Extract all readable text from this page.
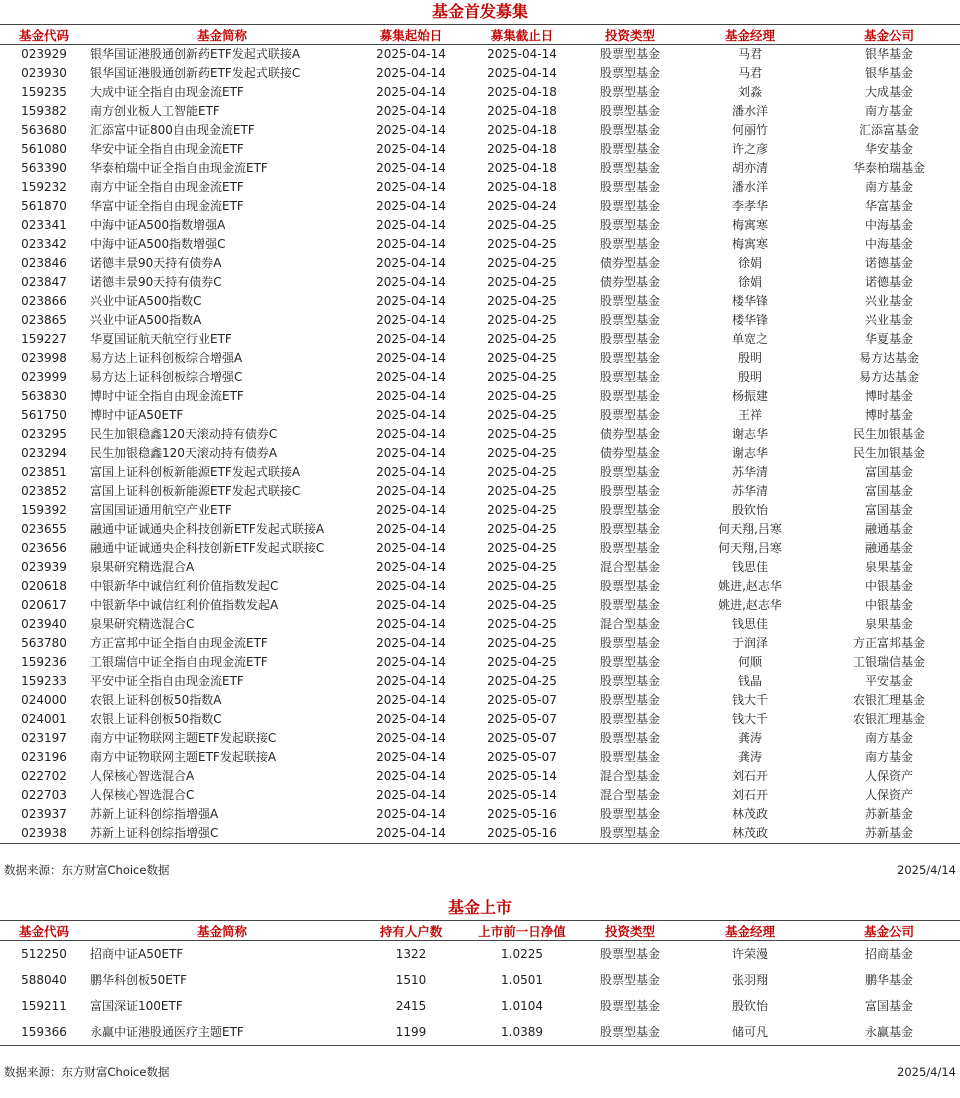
基金首发募集
基金代码	基金简称	募集起始日	募集截止日	投资类型	基金经理	基金公司
023929	银华国证港股通创新药ETF发起式联接A	2025-04-14	2025-04-14	股票型基金	马君	银华基金
023930	银华国证港股通创新药ETF发起式联接C	2025-04-14	2025-04-14	股票型基金	马君	银华基金
159235	大成中证全指自由现金流ETF	2025-04-14	2025-04-18	股票型基金	刘淼	大成基金
159382	南方创业板人工智能ETF	2025-04-14	2025-04-18	股票型基金	潘水洋	南方基金
563680	汇添富中证800自由现金流ETF	2025-04-14	2025-04-18	股票型基金	何丽竹	汇添富基金
561080	华安中证全指自由现金流ETF	2025-04-14	2025-04-18	股票型基金	许之彦	华安基金
563390	华泰柏瑞中证全指自由现金流ETF	2025-04-14	2025-04-18	股票型基金	胡亦清	华泰柏瑞基金
159232	南方中证全指自由现金流ETF	2025-04-14	2025-04-18	股票型基金	潘水洋	南方基金
561870	华富中证全指自由现金流ETF	2025-04-14	2025-04-24	股票型基金	李孝华	华富基金
023341	中海中证A500指数增强A	2025-04-14	2025-04-25	股票型基金	梅寓寒	中海基金
023342	中海中证A500指数增强C	2025-04-14	2025-04-25	股票型基金	梅寓寒	中海基金
023846	诺德丰景90天持有债券A	2025-04-14	2025-04-25	债券型基金	徐娟	诺德基金
023847	诺德丰景90天持有债券C	2025-04-14	2025-04-25	债券型基金	徐娟	诺德基金
023866	兴业中证A500指数C	2025-04-14	2025-04-25	股票型基金	楼华锋	兴业基金
023865	兴业中证A500指数A	2025-04-14	2025-04-25	股票型基金	楼华锋	兴业基金
159227	华夏国证航天航空行业ETF	2025-04-14	2025-04-25	股票型基金	单宽之	华夏基金
023998	易方达上证科创板综合增强A	2025-04-14	2025-04-25	股票型基金	殷明	易方达基金
023999	易方达上证科创板综合增强C	2025-04-14	2025-04-25	股票型基金	殷明	易方达基金
563830	博时中证全指自由现金流ETF	2025-04-14	2025-04-25	股票型基金	杨振建	博时基金
561750	博时中证A50ETF	2025-04-14	2025-04-25	股票型基金	王祥	博时基金
023295	民生加银稳鑫120天滚动持有债券C	2025-04-14	2025-04-25	债券型基金	谢志华	民生加银基金
023294	民生加银稳鑫120天滚动持有债券A	2025-04-14	2025-04-25	债券型基金	谢志华	民生加银基金
023851	富国上证科创板新能源ETF发起式联接A	2025-04-14	2025-04-25	股票型基金	苏华清	富国基金
023852	富国上证科创板新能源ETF发起式联接C	2025-04-14	2025-04-25	股票型基金	苏华清	富国基金
159392	富国国证通用航空产业ETF	2025-04-14	2025-04-25	股票型基金	殷钦怡	富国基金
023655	融通中证诚通央企科技创新ETF发起式联接A	2025-04-14	2025-04-25	股票型基金	何天翔,吕寒	融通基金
023656	融通中证诚通央企科技创新ETF发起式联接C	2025-04-14	2025-04-25	股票型基金	何天翔,吕寒	融通基金
023939	泉果研究精选混合A	2025-04-14	2025-04-25	混合型基金	钱思佳	泉果基金
020618	中银新华中诚信红利价值指数发起C	2025-04-14	2025-04-25	股票型基金	姚进,赵志华	中银基金
020617	中银新华中诚信红利价值指数发起A	2025-04-14	2025-04-25	股票型基金	姚进,赵志华	中银基金
023940	泉果研究精选混合C	2025-04-14	2025-04-25	混合型基金	钱思佳	泉果基金
563780	方正富邦中证全指自由现金流ETF	2025-04-14	2025-04-25	股票型基金	于润泽	方正富邦基金
159236	工银瑞信中证全指自由现金流ETF	2025-04-14	2025-04-25	股票型基金	何顺	工银瑞信基金
159233	平安中证全指自由现金流ETF	2025-04-14	2025-04-25	股票型基金	钱晶	平安基金
024000	农银上证科创板50指数A	2025-04-14	2025-05-07	股票型基金	钱大千	农银汇理基金
024001	农银上证科创板50指数C	2025-04-14	2025-05-07	股票型基金	钱大千	农银汇理基金
023197	南方中证物联网主题ETF发起联接C	2025-04-14	2025-05-07	股票型基金	龚涛	南方基金
023196	南方中证物联网主题ETF发起联接A	2025-04-14	2025-05-07	股票型基金	龚涛	南方基金
022702	人保核心智选混合A	2025-04-14	2025-05-14	混合型基金	刘石开	人保资产
022703	人保核心智选混合C	2025-04-14	2025-05-14	混合型基金	刘石开	人保资产
023937	苏新上证科创综指增强A	2025-04-14	2025-05-16	股票型基金	林茂政	苏新基金
023938	苏新上证科创综指增强C	2025-04-14	2025-05-16	股票型基金	林茂政	苏新基金
数据来源：东方财富Choice数据	2025/4/14
基金上市
基金代码	基金简称	持有人户数	上市前一日净值	投资类型	基金经理	基金公司
512250	招商中证A50ETF	1322	1.0225	股票型基金	许荣漫	招商基金
588040	鹏华科创板50ETF	1510	1.0501	股票型基金	张羽翔	鹏华基金
159211	富国深证100ETF	2415	1.0104	股票型基金	殷钦怡	富国基金
159366	永赢中证港股通医疗主题ETF	1199	1.0389	股票型基金	储可凡	永赢基金
数据来源：东方财富Choice数据	2025/4/14
